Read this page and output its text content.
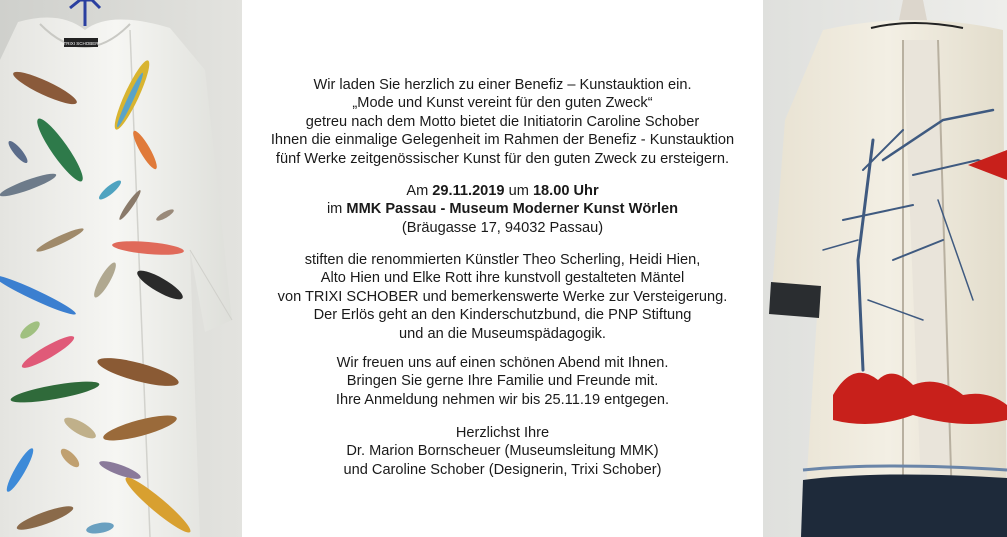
TRIXI SCHOBER
Wir laden Sie herzlich zu einer Benefiz – Kunstauktion ein.
„Mode und Kunst vereint für den guten Zweck“
getreu nach dem Motto bietet die Initiatorin Caroline Schober
Ihnen die einmalige Gelegenheit im Rahmen der Benefiz - Kunstauktion
fünf Werke zeitgenössischer Kunst für den guten Zweck zu ersteigern.
Am 29.11.2019 um 18.00 Uhr
im MMK Passau - Museum Moderner Kunst Wörlen
(Bräugasse 17, 94032 Passau)
stiften die renommierten Künstler Theo Scherling, Heidi Hien,
Alto Hien und Elke Rott ihre kunstvoll gestalteten Mäntel
von TRIXI SCHOBER und bemerkenswerte Werke zur Versteigerung.
Der Erlös geht an den Kinderschutzbund, die PNP Stiftung
und an die Museumspädagogik.
Wir freuen uns auf einen schönen Abend mit Ihnen.
Bringen Sie gerne Ihre Familie und Freunde mit.
Ihre Anmeldung nehmen wir bis 25.11.19 entgegen.
Herzlichst Ihre
Dr. Marion Bornscheuer (Museumsleitung MMK)
und Caroline Schober (Designerin, Trixi Schober)
